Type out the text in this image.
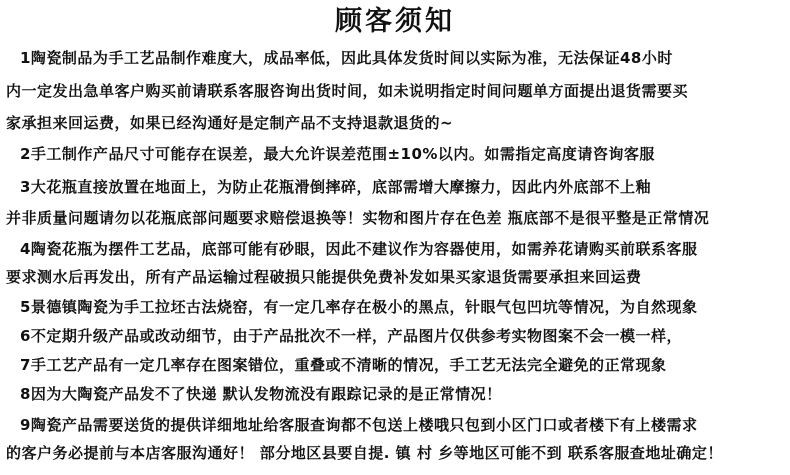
顾客须知
1陶瓷制品为手工艺品制作难度大，成品率低，因此具体发货时间以实际为准，无法保证48小时
内一定发出急单客户购买前请联系客服咨询出货时间，如未说明指定时间问题单方面提出退货需要买
家承担来回运费，如果已经沟通好是定制产品不支持退款退货的~
2手工制作产品尺寸可能存在误差，最大允许误差范围±10%以内。如需指定高度请咨询客服
3大花瓶直接放置在地面上，为防止花瓶滑倒摔碎，底部需增大摩擦力，因此内外底部不上釉
并非质量问题请勿以花瓶底部问题要求赔偿退换等！实物和图片存在色差 瓶底部不是很平整是正常情况
4陶瓷花瓶为摆件工艺品，底部可能有砂眼，因此不建议作为容器使用，如需养花请购买前联系客服
要求测水后再发出，所有产品运输过程破损只能提供免费补发如果买家退货需要承担来回运费
5景德镇陶瓷为手工拉坯古法烧窑，有一定几率存在极小的黑点，针眼气包凹坑等情况，为自然现象
6不定期升级产品或改动细节，由于产品批次不一样，产品图片仅供参考实物图案不会一模一样，
7手工艺产品有一定几率存在图案错位，重叠或不清晰的情况，手工艺无法完全避免的正常现象
8因为大陶瓷产品发不了快递 默认发物流没有跟踪记录的是正常情况！
9陶瓷产品需要送货的提供详细地址给客服查询都不包送上楼哦只包到小区门口或者楼下有上楼需求
的客户务必提前与本店客服沟通好！ 部分地区县要自提. 镇 村 乡等地区可能不到 联系客服查地址确定！
